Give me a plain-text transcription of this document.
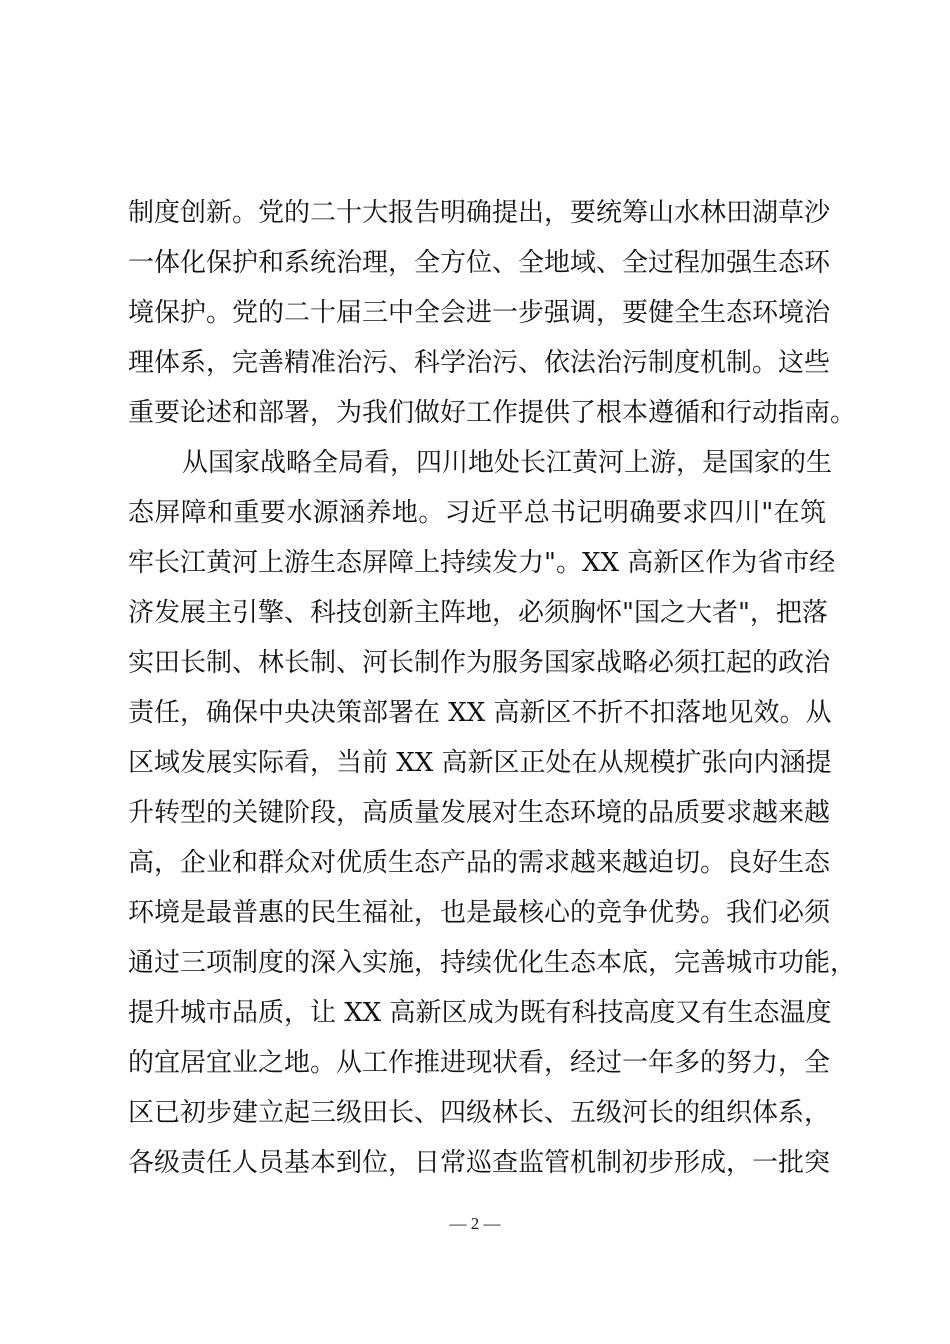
制度创新。党的二十大报告明确提出，要统筹山水林田湖草沙
一体化保护和系统治理，全方位、全地域、全过程加强生态环
境保护。党的二十届三中全会进一步强调，要健全生态环境治
理体系，完善精准治污、科学治污、依法治污制度机制。这些
重要论述和部署，为我们做好工作提供了根本遵循和行动指南。
从国家战略全局看，四川地处长江黄河上游，是国家的生
态屏障和重要水源涵养地。习近平总书记明确要求四川"在筑
牢长江黄河上游生态屏障上持续发力"。XX 高新区作为省市经
济发展主引擎、科技创新主阵地，必须胸怀"国之大者"，把落
实田长制、林长制、河长制作为服务国家战略必须扛起的政治
责任，确保中央决策部署在 XX 高新区不折不扣落地见效。从
区域发展实际看，当前 XX 高新区正处在从规模扩张向内涵提
升转型的关键阶段，高质量发展对生态环境的品质要求越来越
高，企业和群众对优质生态产品的需求越来越迫切。良好生态
环境是最普惠的民生福祉，也是最核心的竞争优势。我们必须
通过三项制度的深入实施，持续优化生态本底，完善城市功能，
提升城市品质，让 XX 高新区成为既有科技高度又有生态温度
的宜居宜业之地。从工作推进现状看，经过一年多的努力，全
区已初步建立起三级田长、四级林长、五级河长的组织体系，
各级责任人员基本到位，日常巡查监管机制初步形成，一批突
— 2 —
